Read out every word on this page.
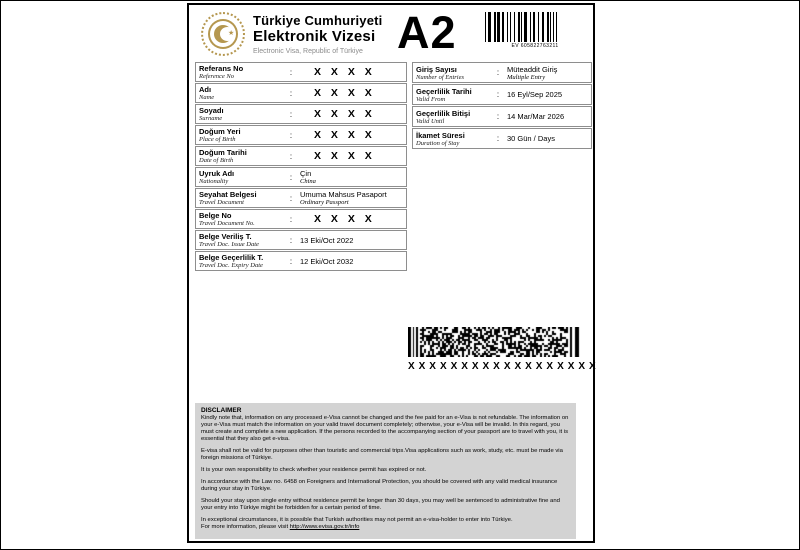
★
Türkiye Cumhuriyeti
Elektronik Vizesi
Electronic Visa, Republic of Türkiye A2	EV 605822763211
Referans No
Reference No	:	X X X X
Adı
Name	:	X X X X
Soyadı
Surname	:	X X X X
Doğum Yeri
Place of Birth	:	X X X X
Doğum Tarihi
Date of Birth	:	X X X X
Uyruk Adı
Nationality	:	Çin
China
Seyahat Belgesi
Travel Document	:	Umuma Mahsus Pasaport
Ordinary Passport
Belge No
Travel Document No.	:	X X X X
Belge Veriliş T.
Travel Doc. Issue Date	:	13 Eki/Oct 2022
Belge Geçerlilik T.
Travel Doc. Expiry Date	:	12 Eki/Oct 2032
Giriş Sayısı
Number of Entries	:	Müteaddit Giriş
Multiple Entry
Geçerlilik Tarihi
Valid From	:	16 Eyl/Sep 2025
Geçerlilik Bitişi
Valid Until	:	14 Mar/Mar 2026
İkamet Süresi
Duration of Stay	:	30 Gün / Days
X X X X X X X X X X X X X X X X X X

DISCLAIMER

Kindly note that, information on any processed e-Visa cannot be changed and the fee paid for an e-Visa is not refundable. The information on your e-Visa must match the information on your valid travel document completely; otherwise, your e-Visa will be invalid. In this regard, you must create and complete a new application. If the persons recorded to the accompanying section of your passport are to travel with you, it is essential that they also get e-visa.

E-visa shall not be valid for purposes other than touristic and commercial trips.Visa applications such as work, study, etc. must be made via foreign missions of Türkiye.

It is your own responsibility to check whether your residence permit has expired or not.

In accordance with the Law no. 6458 on Foreigners and International Protection, you should be covered with any valid medical insurance during your stay in Türkiye.

Should your stay upon single entry without residence permit be longer than 30 days, you may well be sentenced to administrative fine and your entry into Türkiye might be forbidden for a certain period of time.

In exceptional circumstances, it is possible that Turkish authorities may not permit an e-visa-holder to enter into Türkiye.
For more information, please visit http://www.evisa.gov.tr/info
